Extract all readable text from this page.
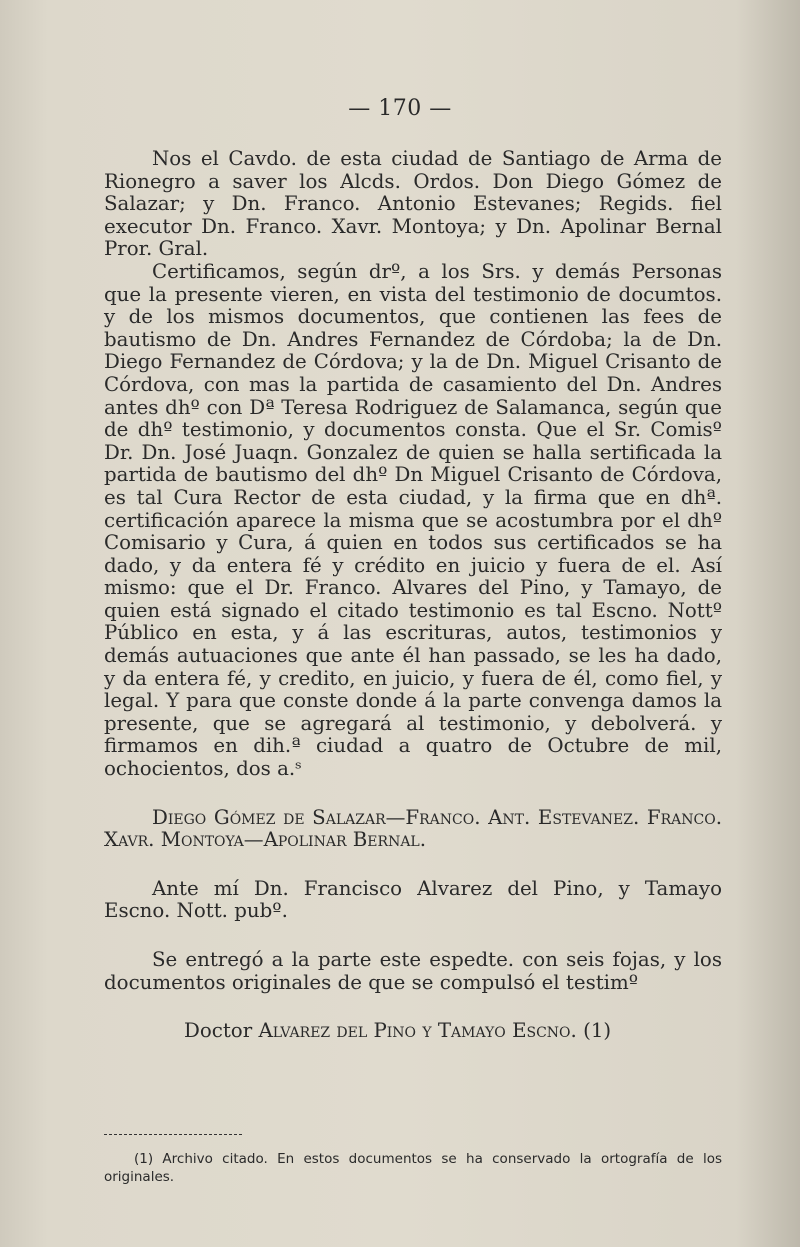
— 170 —

Nos el Cavdo. de esta ciudad de Santiago de Arma de Rionegro a saver los Alcds. Ordos. Don Diego Gómez de Salazar; y Dn. Franco. Antonio Estevanes; Regids. fiel executor Dn. Franco. Xavr. Montoya; y Dn. Apolinar Bernal Pror. Gral.

Certificamos, según drº, a los Srs. y demás Personas que la presente vieren, en vista del testimonio de documtos. y de los mismos documentos, que contienen las fees de bautismo de Dn. Andres Fernandez de Córdoba; la de Dn. Diego Fernandez de Córdova; y la de Dn. Miguel Crisanto de Córdova, con mas la partida de casamiento del Dn. Andres antes dhº con Dª Teresa Rodriguez de Salamanca, según que de dhº testimonio, y documentos consta. Que el Sr. Comisº Dr. Dn. José Juaqn. Gonzalez de quien se halla sertificada la partida de bautismo del dhº Dn Miguel Crisanto de Córdova, es tal Cura Rector de esta ciudad, y la firma que en dhª. certificación aparece la misma que se acostumbra por el dhº Comisario y Cura, á quien en todos sus certificados se ha dado, y da entera fé y crédito en juicio y fuera de el. Así mismo: que el Dr. Franco. Alvares del Pino, y Tamayo, de quien está signado el citado testimonio es tal Escno. Nottº Público en esta, y á las escrituras, autos, testimonios y demás autuaciones que ante él han passado, se les ha dado, y da entera fé, y credito, en juicio, y fuera de él, como fiel, y legal. Y para que conste donde á la parte convenga damos la presente, que se agregará al testimonio, y debolverá. y firmamos en dih.ª ciudad a quatro de Octubre de mil, ochocientos, dos a.ˢ

Diego Gómez de Salazar—Franco. Ant. Estevanez. Franco. Xavr. Montoya—Apolinar Bernal.

Ante mí Dn. Francisco Alvarez del Pino, y Tamayo Escno. Nott. pubº.

Se entregó a la parte este espedte. con seis fojas, y los documentos originales de que se compulsó el testimº

Doctor Alvarez del Pino y Tamayo Escno. (1)

(1) Archivo citado. En estos documentos se ha conservado la ortografía de los originales.
